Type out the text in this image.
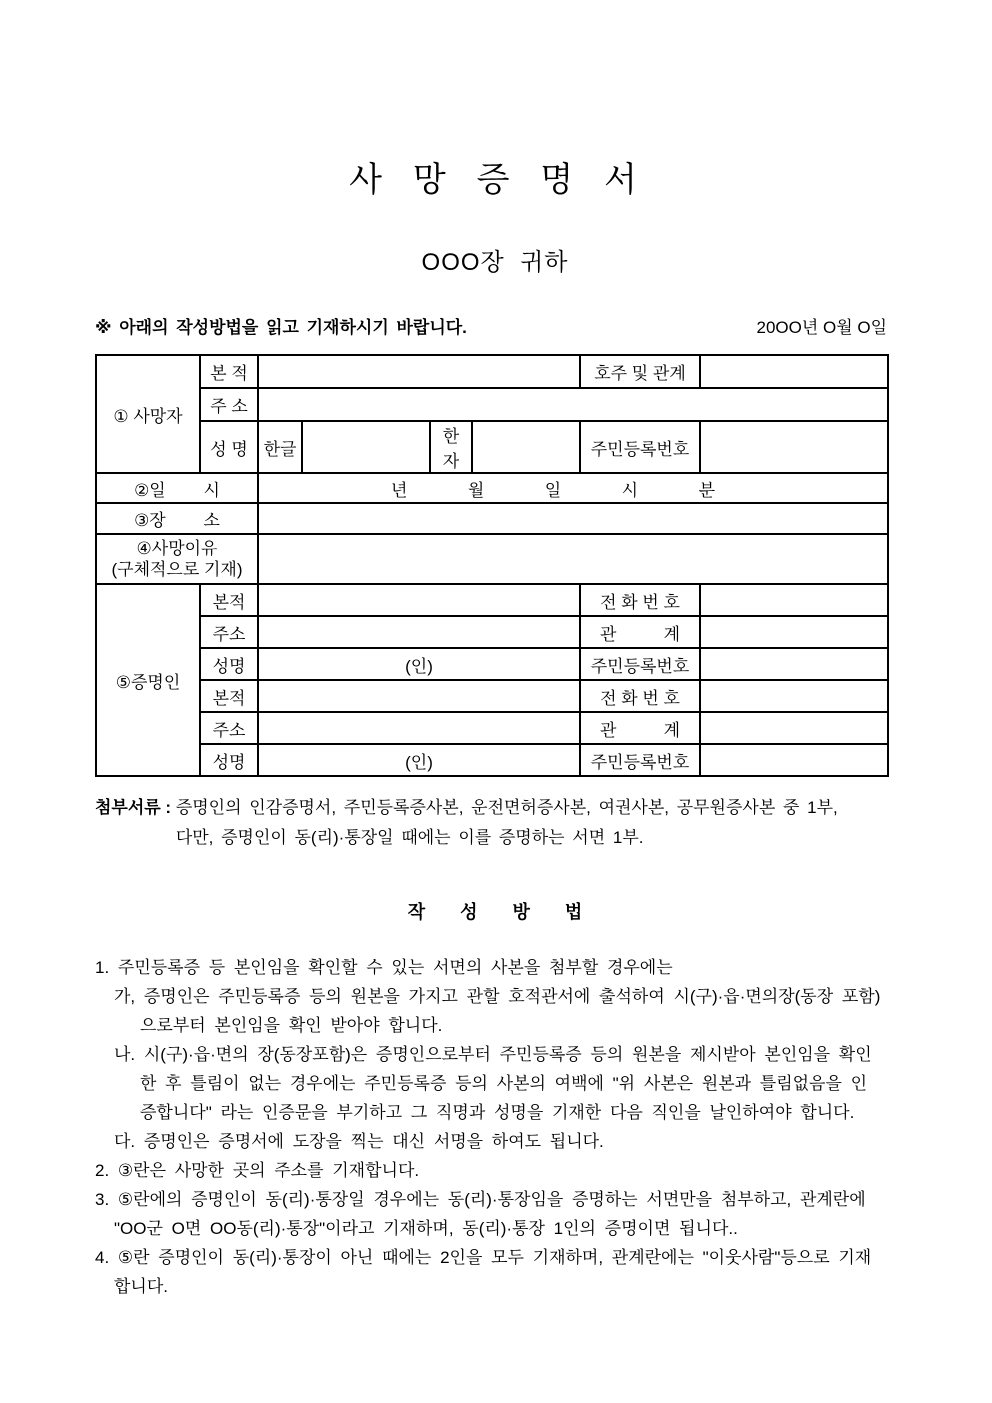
사  망  증  명  서
OOO장  귀하
※ 아래의 작성방법을 읽고 기재하시기 바랍니다.	20OO년 O월 O일
① 사망자	본 적					호주 및 관계	
	주 소						
	성 명	한글		한자		주민등록번호	
②일        시		년 월 일 시 분					

③장        소							

④사망이유
(구체적으로 기재)							

⑤증명인	본적					전 화 번 호	
	주소					관          계	
	성명	(인)				주민등록번호	
	본적					전 화 번 호	
	주소					관          계	
	성명	(인)				주민등록번호	
첨부서류 : 증명인의 인감증명서, 주민등록증사본, 운전면허증사본, 여권사본, 공무원증사본 중 1부,
다만, 증명인이 동(리)·통장일 때에는 이를 증명하는 서면 1부.
작       성       방       법
1. 주민등록증 등 본인임을 확인할 수 있는 서면의 사본을 첨부할 경우에는
가, 증명인은 주민등록증 등의 원본을 가지고 관할 호적관서에 출석하여 시(구)·읍·면의장(동장 포함)
으로부터 본인임을 확인 받아야 합니다.
나. 시(구)·읍·면의 장(동장포함)은 증명인으로부터 주민등록증 등의 원본을 제시받아 본인임을 확인
한 후 틀림이 없는 경우에는 주민등록증 등의 사본의 여백에 "위 사본은 원본과 틀림없음을 인
증합니다" 라는 인증문을 부기하고 그 직명과 성명을 기재한 다음 직인을 날인하여야 합니다.
다. 증명인은 증명서에 도장을 찍는 대신 서명을 하여도 됩니다.
2. ③란은 사망한 곳의 주소를 기재합니다.
3. ⑤란에의 증명인이 동(리)·통장일 경우에는 동(리)·통장임을 증명하는 서면만을 첨부하고, 관계란에
"OO군 O면 OO동(리)·통장"이라고 기재하며, 동(리)·통장 1인의 증명이면 됩니다..
4. ⑤란 증명인이 동(리)·통장이 아닌 때에는 2인을 모두 기재하며, 관계란에는 "이웃사람"등으로 기재
합니다.
